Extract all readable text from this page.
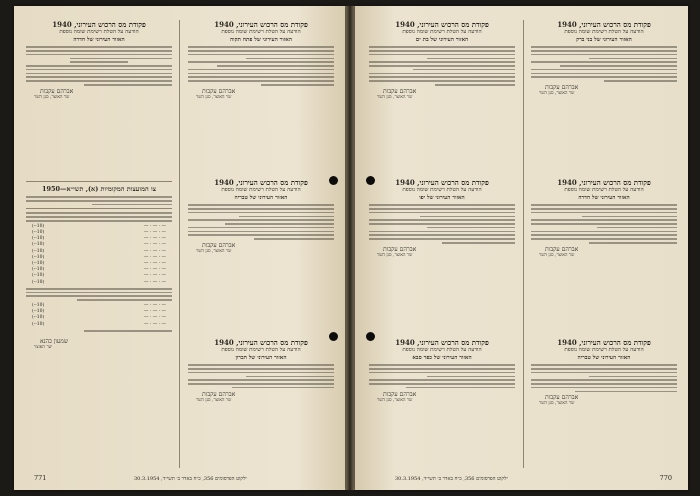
פקודת מס הרכוש העירוני, 1940
הודעה על הטלת רשימת שומה נוספת
האזור העירוני של חדרה
אברהם עקבות
שר האוצר, סגן השר
צו המועצות המקומיות (א), תשי״א—1950
— · — · —
(10--)
— · — · —
(10--)
— · — · —
(10--)
— · — · —
(10--)
— · — · —
(10--)
— · — · —
(10--)
— · — · —
(10--)
— · — · —
(10--)
— · — · —
(10--)
— · — · —
(10--)
— · — · —
(10--)
— · — · —
(10--)
— · — · —
(10--)
— · — · —
(10--)
שמעון כהנא
שר האוצר
פקודת מס הרכוש העירוני, 1940
הודעה על הטלת רשימת שומה נוספת
האזור העירוני של פתח תקוה
אברהם עקבות
שר האוצר, סגן השר
פקודת מס הרכוש העירוני, 1940
הודעה על הטלת רשימת שומה נוספת
האזור העירוני של טבריה
אברהם עקבות
שר האוצר, סגן השר
פקודת מס הרכוש העירוני, 1940
הודעה על הטלת רשימת שומה נוספת
האזור העירוני של חברון
אברהם עקבות
שר האוצר, סגן השר
771	ילקוט הפרסומים 356, כ״ח באדר ב׳ תשי״ד, 30.3.1954
פקודת מס הרכוש העירוני, 1940
הודעה על הטלת רשימת שומה נוספת
האזור העירוני של בת ים
אברהם עקבות
שר האוצר, סגן השר
פקודת מס הרכוש העירוני, 1940
הודעה על הטלת רשימת שומה נוספת
האזור העירוני של יפו
אברהם עקבות
שר האוצר, סגן השר
פקודת מס הרכוש העירוני, 1940
הודעה על הטלת רשימת שומה נוספת
האזור העירוני של כפר סבא
אברהם עקבות
שר האוצר, סגן השר
פקודת מס הרכוש העירוני, 1940
הודעה על הטלת רשימת שומה נוספת
האזור העירוני של בני ברק
אברהם עקבות
שר האוצר, סגן השר
פקודת מס הרכוש העירוני, 1940
הודעה על הטלת רשימת שומה נוספת
האזור העירוני של חדרה
אברהם עקבות
שר האוצר, סגן השר
פקודת מס הרכוש העירוני, 1940
הודעה על הטלת רשימת שומה נוספת
האזור העירוני של טבריה
אברהם עקבות
שר האוצר, סגן השר
30.3.1954 ,ילקוט הפרסומים 356, כ״ח באדר ב׳ תשי״ד	770
